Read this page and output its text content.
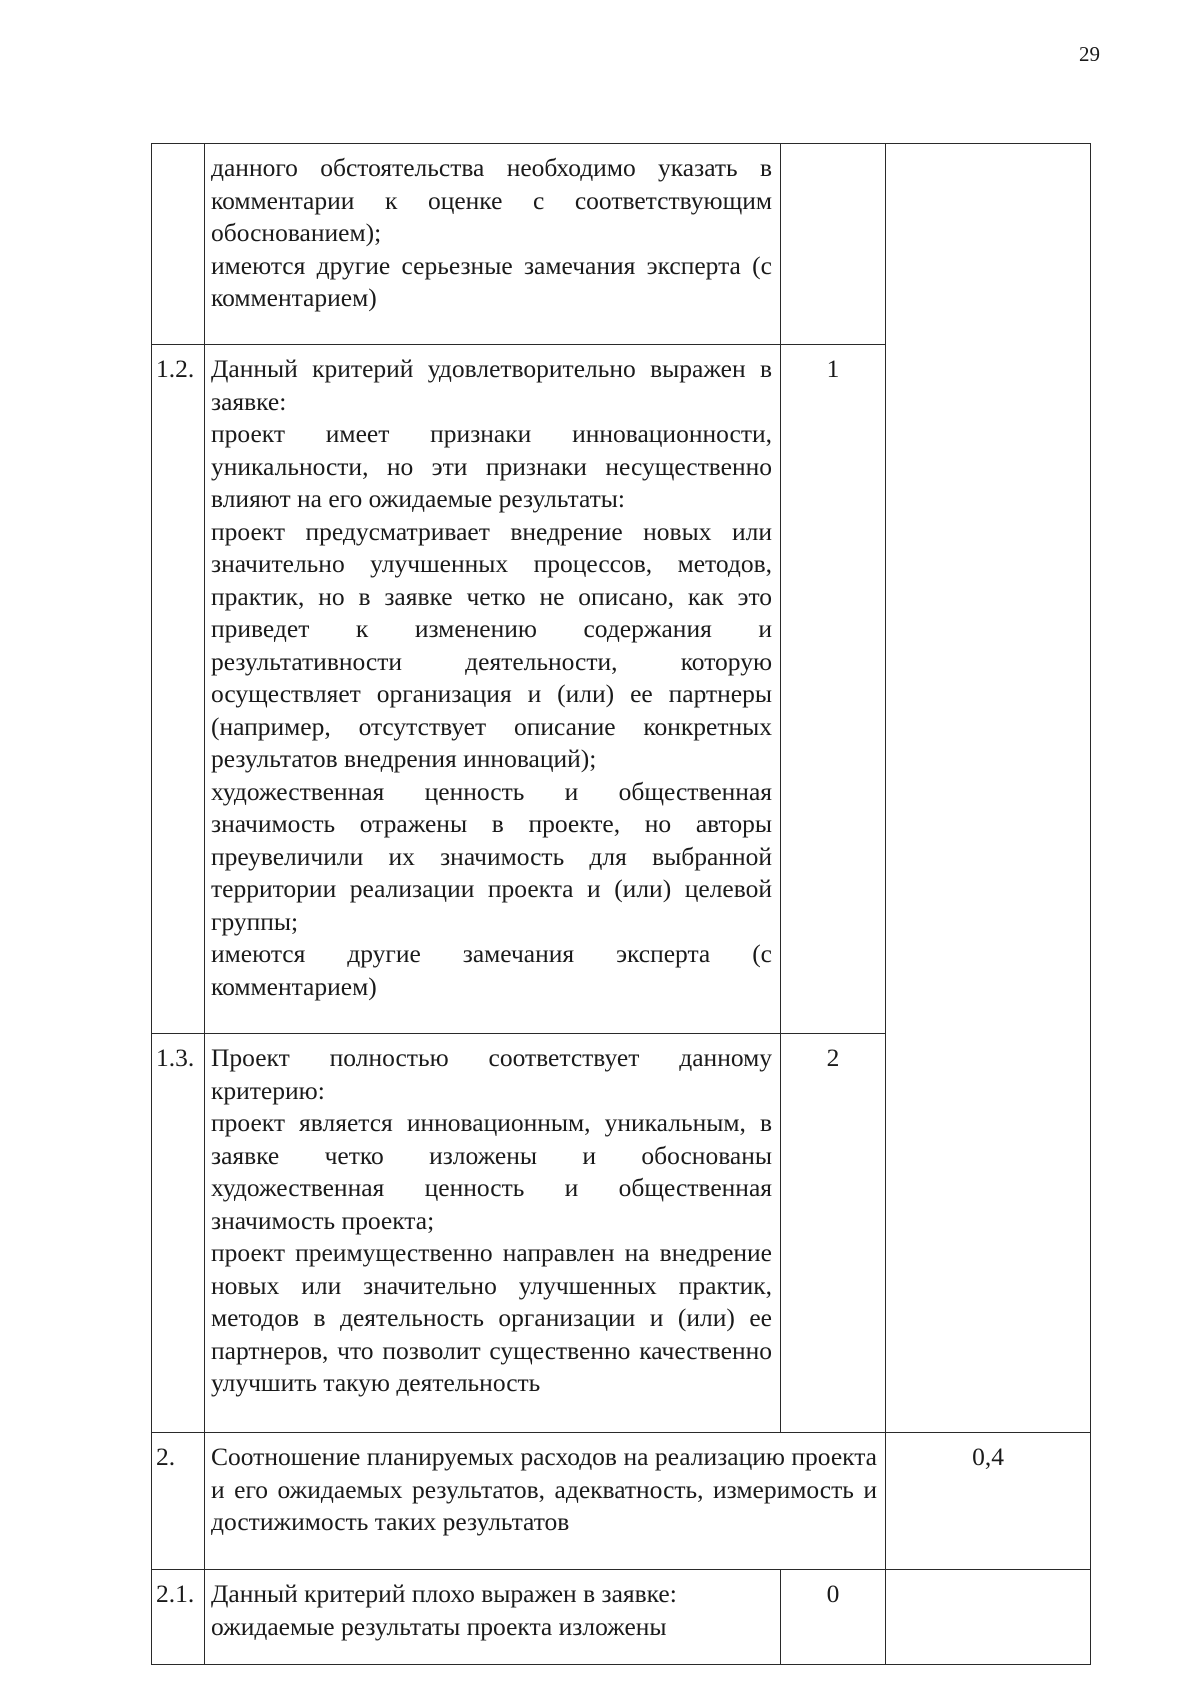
29

	данного обстоятельства необходимо указать в комментарии к оценке с соответствующим обоснованием);

имеются другие серьезные замечания эксперта (с комментарием)		

1.2.	Данный критерий удовлетворительно выражен в заявке:

проект имеет признаки инновационности, уникальности, но эти признаки несущественно влияют на его ожидаемые результаты:

проект предусматривает внедрение новых или значительно улучшенных процессов, методов, практик, но в заявке четко не описано, как это приведет к изменению содержания и результативности деятельности, которую осуществляет организация и (или) ее партнеры (например, отсутствует описание конкретных результатов внедрения инноваций);

художественная ценность и общественная значимость отражены в проекте, но авторы преувеличили их значимость для выбранной территории реализации проекта и (или) целевой группы;

имеются другие замечания эксперта (с комментарием)	1	
1.3.	Проект полностью соответствует данному критерию:

проект является инновационным, уникальным, в заявке четко изложены и обоснованы художественная ценность и общественная значимость проекта;

проект преимущественно направлен на внедрение новых или значительно улучшенных практик, методов в деятельность организации и (или) ее партнеров, что позволит существенно качественно улучшить такую деятельность	2	
2.	Соотношение планируемых расходов на реализацию проекта и его ожидаемых результатов, адекватность, измеримость и достижимость таких результатов		0,4
2.1.	Данный критерий плохо выражен в заявке:

ожидаемые результаты проекта изложены	0	
